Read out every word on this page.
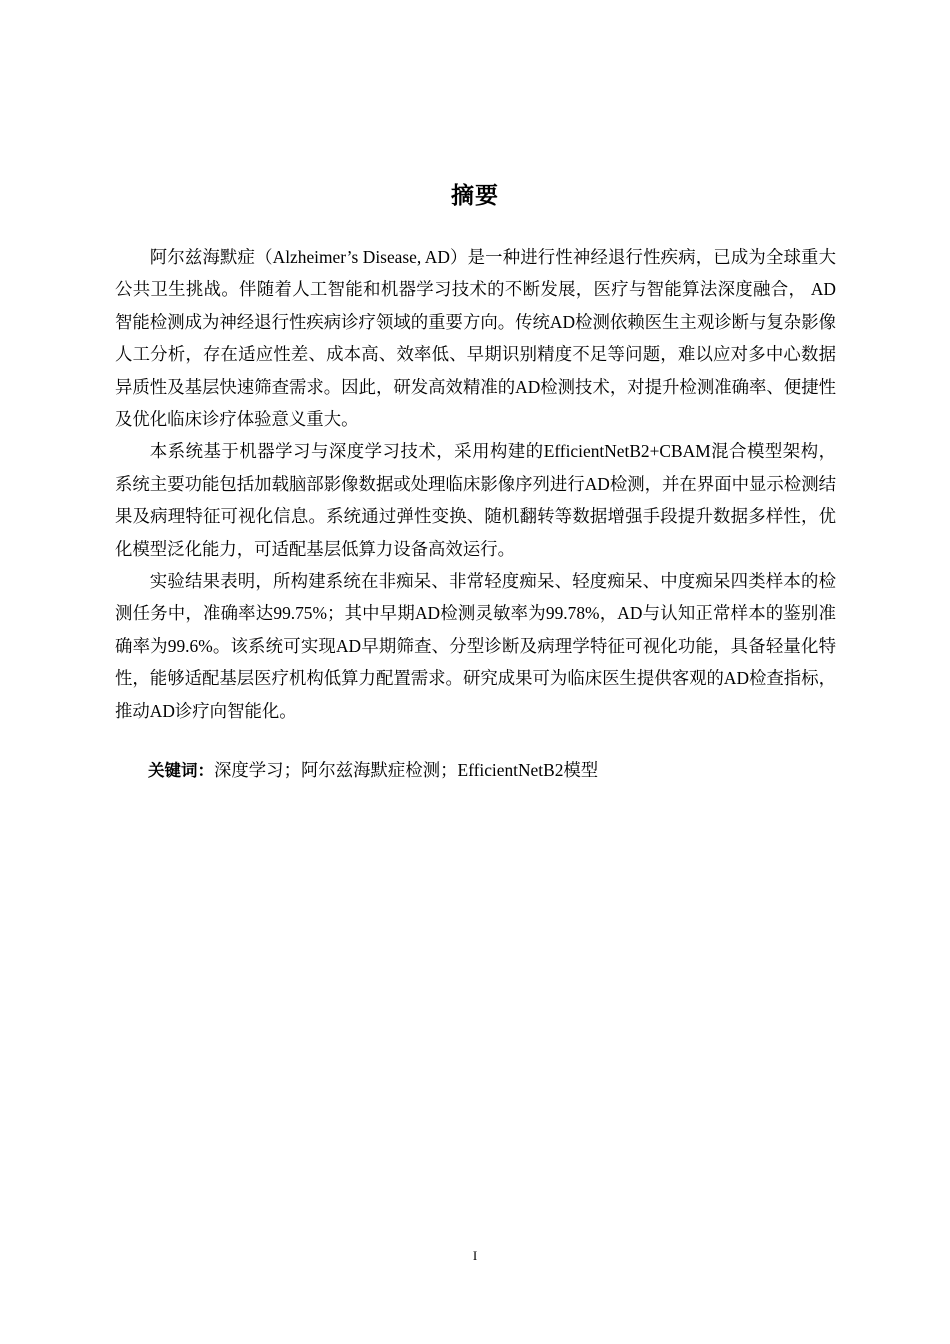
摘要

阿尔兹海默症（Alzheimer’s Disease, AD）是一种进行性神经退行性疾病，已成为全球重大公共卫生挑战。伴随着人工智能和机器学习技术的不断发展，医疗与智能算法深度融合， AD智能检测成为神经退行性疾病诊疗领域的重要方向。传统AD检测依赖医生主观诊断与复杂影像人工分析，存在适应性差、成本高、效率低、早期识别精度不足等问题，难以应对多中心数据异质性及基层快速筛查需求。因此，研发高效精准的AD检测技术，对提升检测准确率、便捷性及优化临床诊疗体验意义重大。

本系统基于机器学习与深度学习技术，采用构建的EfficientNetB2+CBAM混合模型架构，系统主要功能包括加载脑部影像数据或处理临床影像序列进行AD检测，并在界面中显示检测结果及病理特征可视化信息。系统通过弹性变换、随机翻转等数据增强手段提升数据多样性，优化模型泛化能力，可适配基层低算力设备高效运行。

实验结果表明，所构建系统在非痴呆、非常轻度痴呆、轻度痴呆、中度痴呆四类样本的检测任务中，准确率达99.75%；其中早期AD检测灵敏率为99.78%，AD与认知正常样本的鉴别准确率为99.6%。该系统可实现AD早期筛查、分型诊断及病理学特征可视化功能，具备轻量化特性，能够适配基层医疗机构低算力配置需求。研究成果可为临床医生提供客观的AD检查指标，推动AD诊疗向智能化。

关键词：深度学习；阿尔兹海默症检测；EfficientNetB2模型
I
